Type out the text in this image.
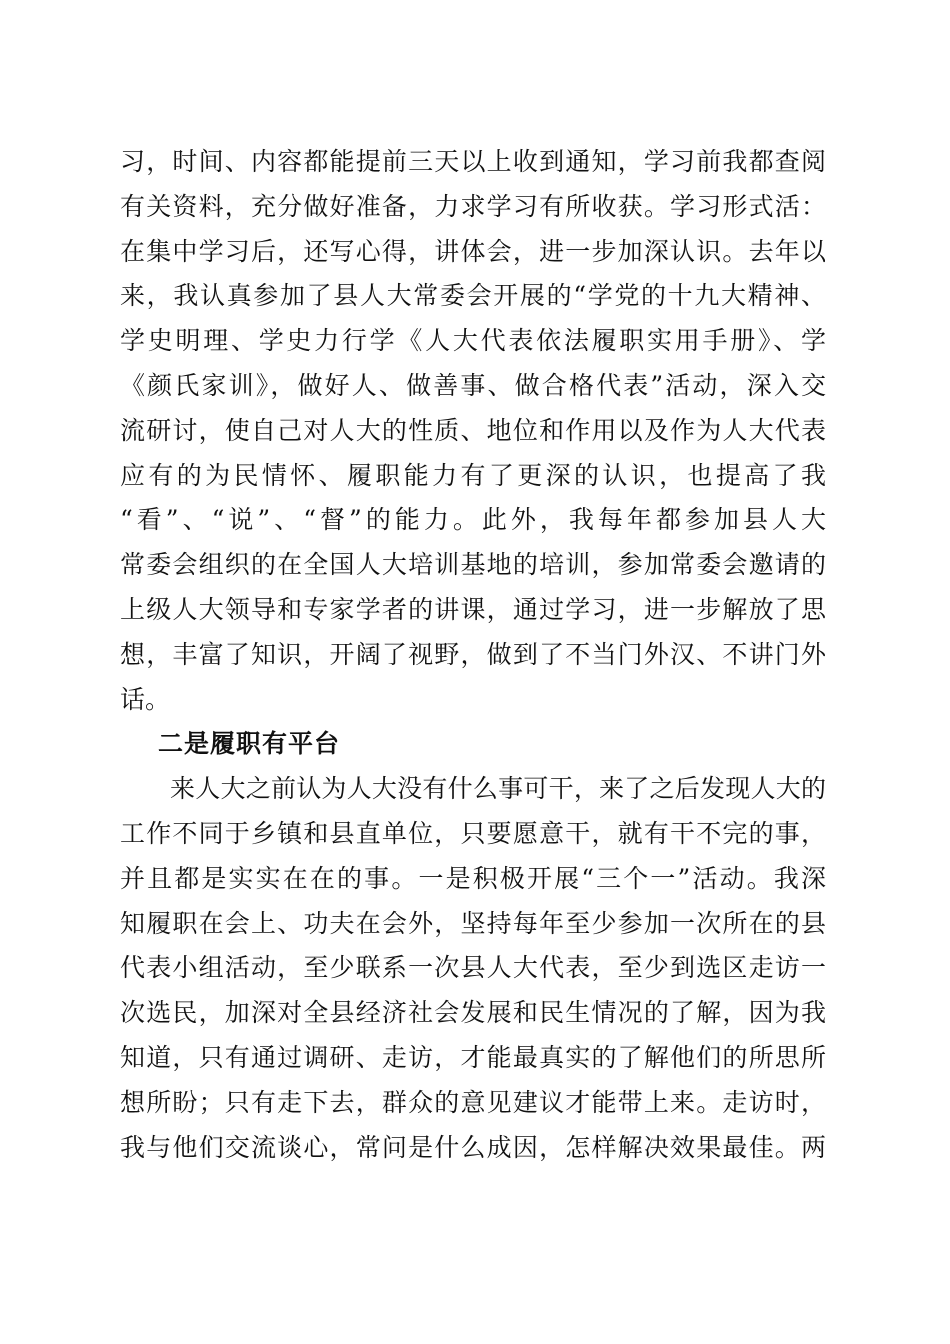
习，时间、内容都能提前三天以上收到通知，学习前我都查阅
有关资料，充分做好准备，力求学习有所收获。学习形式活：
在集中学习后，还写心得，讲体会，进一步加深认识。去年以
来，我认真参加了县人大常委会开展的“学党的十九大精神、
学史明理、学史力行学《人大代表依法履职实用手册》、学
《颜氏家训》，做好人、做善事、做合格代表”活动，深入交
流研讨，使自己对人大的性质、地位和作用以及作为人大代表
应有的为民情怀、履职能力有了更深的认识，也提高了我
“看”、“说”、“督”的能力。此外，我每年都参加县人大
常委会组织的在全国人大培训基地的培训，参加常委会邀请的
上级人大领导和专家学者的讲课，通过学习，进一步解放了思
想，丰富了知识，开阔了视野，做到了不当门外汉、不讲门外
话。
二是履职有平台
来人大之前认为人大没有什么事可干，来了之后发现人大的
工作不同于乡镇和县直单位，只要愿意干，就有干不完的事，
并且都是实实在在的事。一是积极开展“三个一”活动。我深
知履职在会上、功夫在会外，坚持每年至少参加一次所在的县
代表小组活动，至少联系一次县人大代表，至少到选区走访一
次选民，加深对全县经济社会发展和民生情况的了解，因为我
知道，只有通过调研、走访，才能最真实的了解他们的所思所
想所盼；只有走下去，群众的意见建议才能带上来。走访时，
我与他们交流谈心，常问是什么成因，怎样解决效果最佳。两
